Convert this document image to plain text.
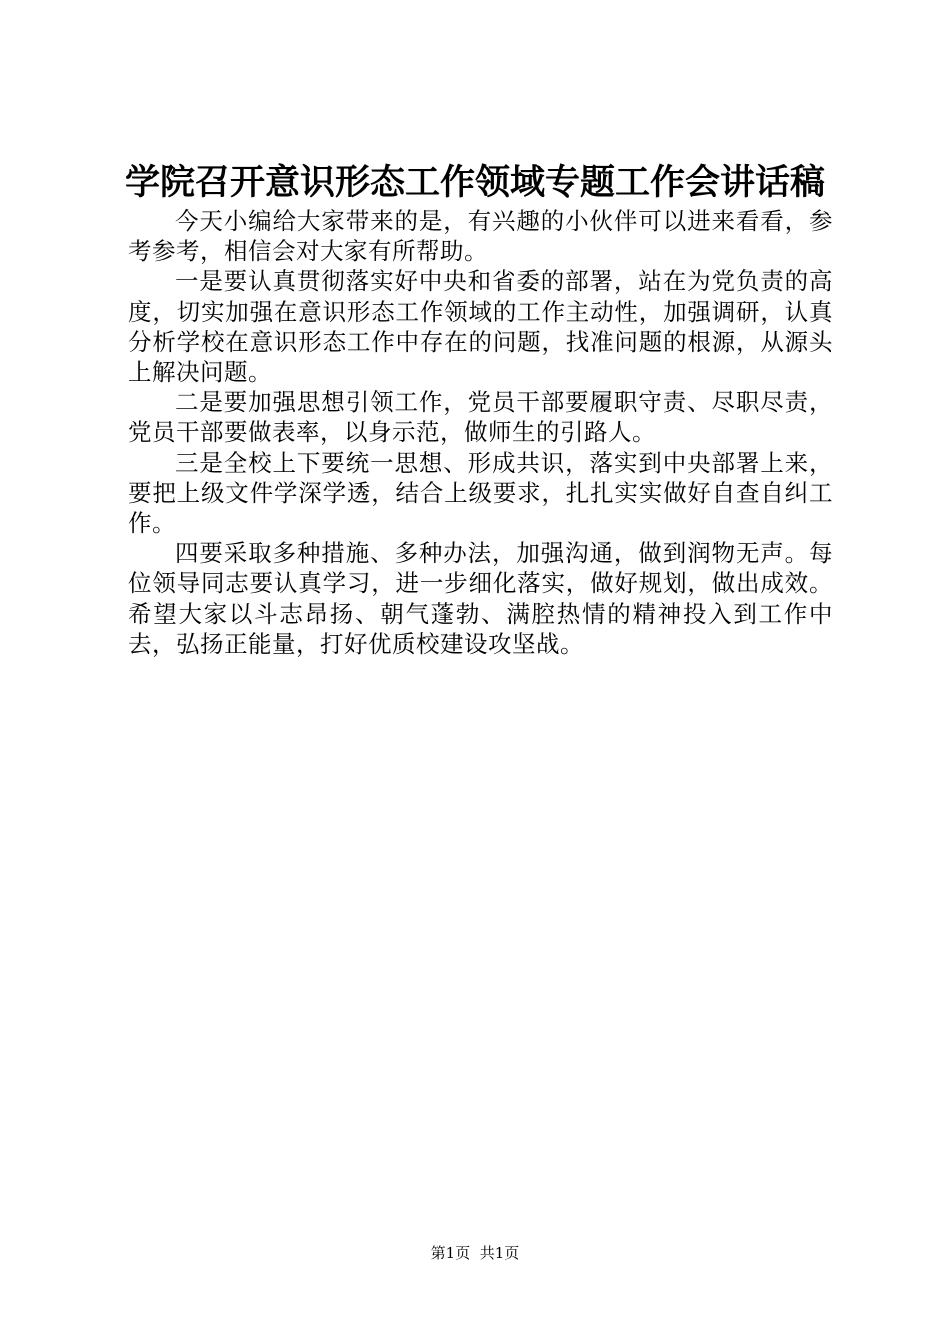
学院召开意识形态工作领域专题工作会讲话稿

今天小编给大家带来的是，有兴趣的小伙伴可以进来看看，参考参考，相信会对大家有所帮助。

一是要认真贯彻落实好中央和省委的部署，站在为党负责的高度，切实加强在意识形态工作领域的工作主动性，加强调研，认真分析学校在意识形态工作中存在的问题，找准问题的根源，从源头上解决问题。

二是要加强思想引领工作，党员干部要履职守责、尽职尽责，党员干部要做表率，以身示范，做师生的引路人。

三是全校上下要统一思想、形成共识，落实到中央部署上来，要把上级文件学深学透，结合上级要求，扎扎实实做好自查自纠工作。

四要采取多种措施、多种办法，加强沟通，做到润物无声。每位领导同志要认真学习，进一步细化落实，做好规划，做出成效。希望大家以斗志昂扬、朝气蓬勃、满腔热情的精神投入到工作中去，弘扬正能量，打好优质校建设攻坚战。

第1页 共1页
